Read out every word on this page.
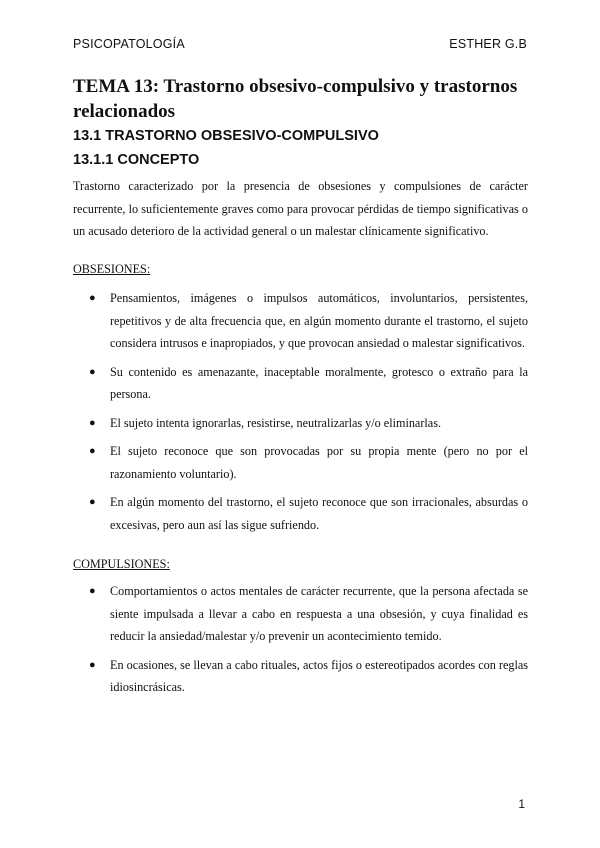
PSICOPATOLOGÍA	ESTHER G.B
TEMA 13: Trastorno obsesivo-compulsivo y trastornos relacionados
13.1 TRASTORNO OBSESIVO-COMPULSIVO
13.1.1 CONCEPTO

Trastorno caracterizado por la presencia de obsesiones y compulsiones de carácter recurrente, lo suficientemente graves como para provocar pérdidas de tiempo significativas o un acusado deterioro de la actividad general o un malestar clínicamente significativo.

OBSESIONES:
● Pensamientos, imágenes o impulsos automáticos, involuntarios, persistentes, repetitivos y de alta frecuencia que, en algún momento durante el trastorno, el sujeto considera intrusos e inapropiados, y que provocan ansiedad o malestar significativos.
● Su contenido es amenazante, inaceptable moralmente, grotesco o extraño para la persona.
● El sujeto intenta ignorarlas, resistirse, neutralizarlas y/o eliminarlas.
● El sujeto reconoce que son provocadas por su propia mente (pero no por el razonamiento voluntario).
● En algún momento del trastorno, el sujeto reconoce que son irracionales, absurdas o excesivas, pero aun así las sigue sufriendo.
COMPULSIONES:
● Comportamientos o actos mentales de carácter recurrente, que la persona afectada se siente impulsada a llevar a cabo en respuesta a una obsesión, y cuya finalidad es reducir la ansiedad/malestar y/o prevenir un acontecimiento temido.
● En ocasiones, se llevan a cabo rituales, actos fijos o estereotipados acordes con reglas idiosincrásicas.
1
